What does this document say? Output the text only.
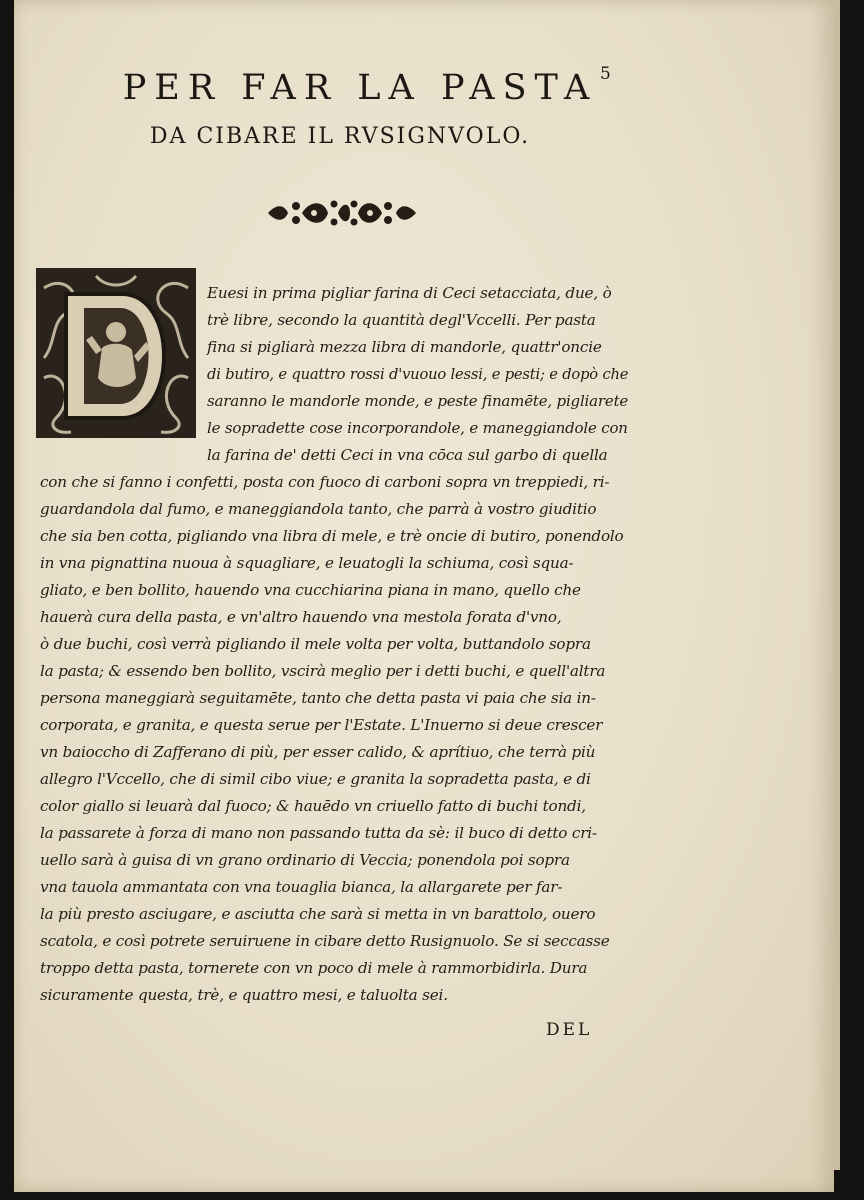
PER FAR LA PASTA 5
DA CIBARE IL RVSIGNVOLO.
D
Euesi in prima pigliar farina di Ceci setacciata, due, ò
trè libre, secondo la quantità degl'Vccelli. Per pasta
fina si pigliarà mezza libra di mandorle, quattr'oncie
di butiro, e quattro rossi d'vuouo lessi, e pesti; e dopò che
saranno le mandorle monde, e peste finamēte, pigliarete
le sopradette cose incorporandole, e maneggiandole con
la farina de' detti Ceci in vna cōca sul garbo di quella
con che si fanno i confetti, posta con fuoco di carboni sopra vn treppiedi, ri-
guardandola dal fumo, e maneggiandola tanto, che parrà à vostro giuditio
che sia ben cotta, pigliando vna libra di mele, e trè oncie di butiro, ponendolo
in vna pignattina nuoua à squagliare, e leuatogli la schiuma, così squa-
gliato, e ben bollito, hauendo vna cucchiarina piana in mano, quello che
hauerà cura della pasta, e vn'altro hauendo vna mestola forata d'vno,
ò due buchi, così verrà pigliando il mele volta per volta, buttandolo sopra
la pasta; & essendo ben bollito, vscirà meglio per i detti buchi, e quell'altra
persona maneggiarà seguitamēte, tanto che detta pasta vi paia che sia in-
corporata, e granita, e questa serue per l'Estate. L'Inuerno si deue crescer
vn baiocchο di Zafferano di più, per esser calido, & aprítiuo, che terrà più
allegro l'Vccello, che di simil cibo viue; e granita la sopradetta pasta, e di
color giallo si leuarà dal fuoco; & hauēdo vn criuello fatto di buchi tondi,
la passarete à forza di mano non passando tutta da sè: il buco di detto cri-
uello sarà à guisa di vn grano ordinario di Veccia; ponendola poi sopra
vna tauola ammantata con vna touaglia bianca, la allargarete per far-
la più presto asciugare, e asciutta che sarà si metta in vn barattolo, ouero
scatola, e così potrete seruiruene in cibare detto Rusignuolo. Se si seccasse
troppo detta pasta, tornerete con vn poco di mele à rammorbidirla. Dura
sicuramente questa, trè, e quattro mesi, e taluolta sei.
DEL
